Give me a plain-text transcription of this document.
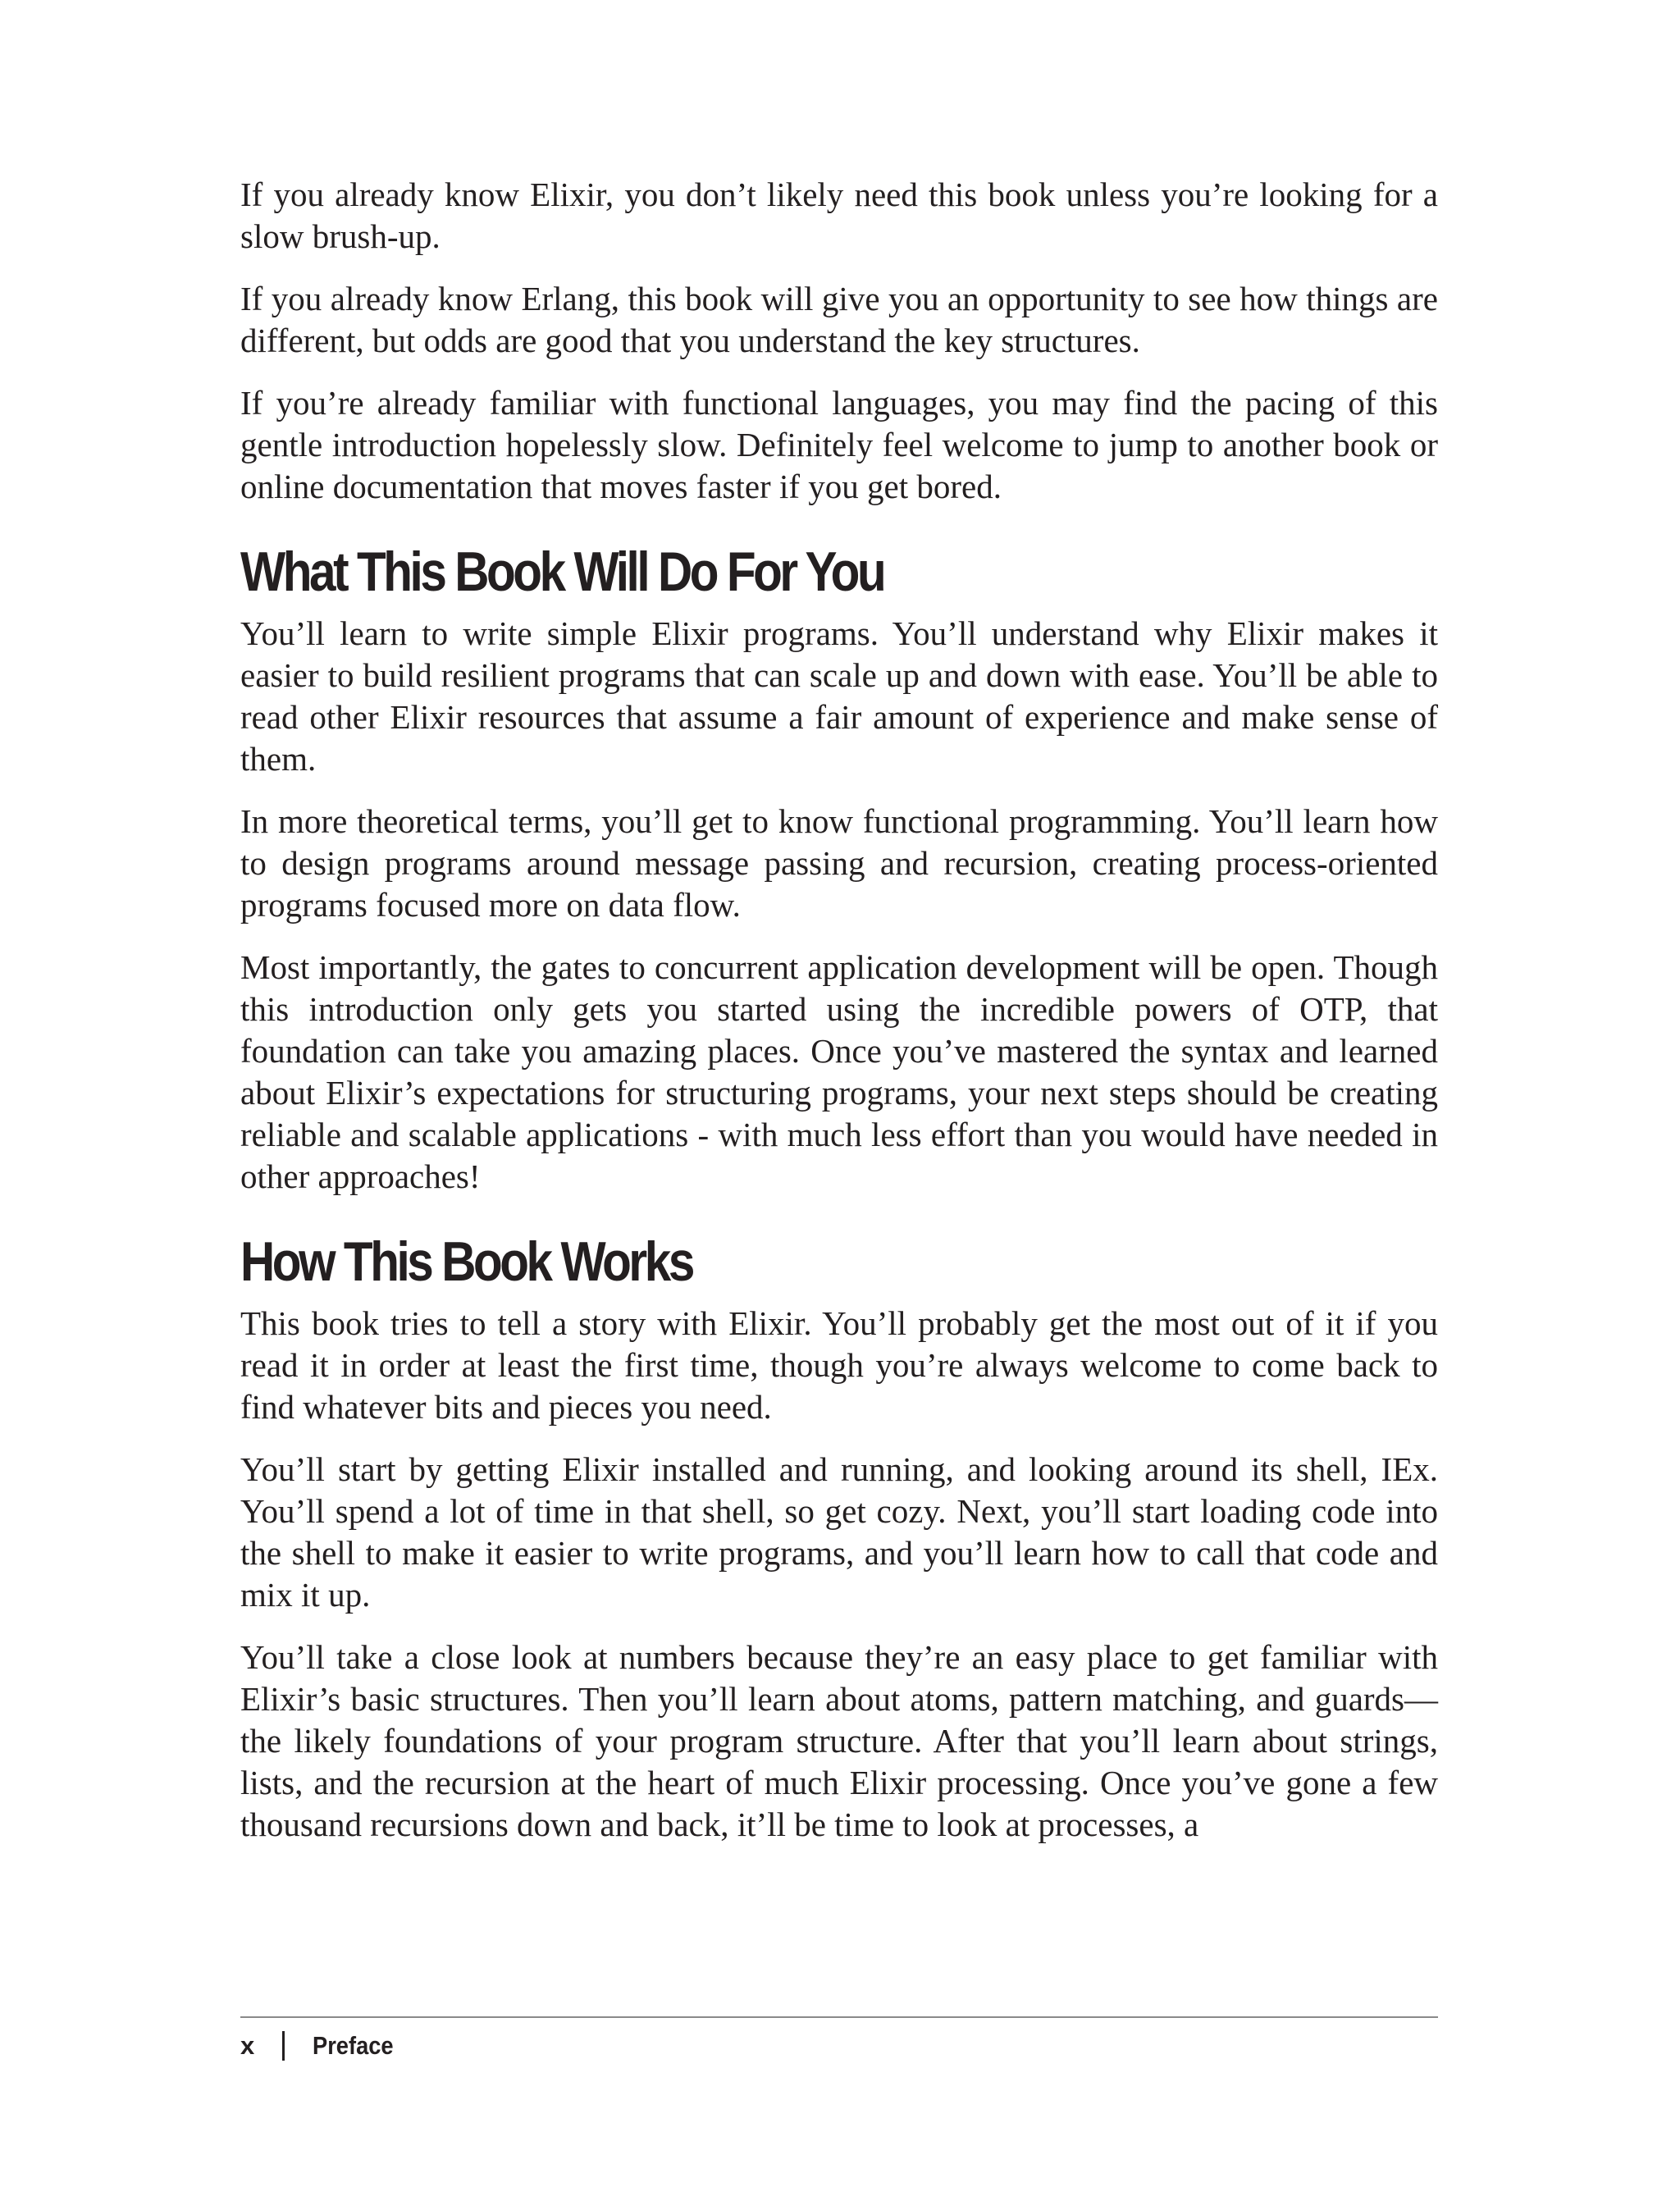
If you already know Elixir, you don’t likely need this book unless you’re looking for a slow brush-up.

If you already know Erlang, this book will give you an opportunity to see how things are different, but odds are good that you understand the key structures.

If you’re already familiar with functional languages, you may find the pacing of this gentle introduction hopelessly slow. Definitely feel welcome to jump to another book or online documentation that moves faster if you get bored.

What This Book Will Do For You

You’ll learn to write simple Elixir programs. You’ll understand why Elixir makes it easier to build resilient programs that can scale up and down with ease. You’ll be able to read other Elixir resources that assume a fair amount of experience and make sense of them.

In more theoretical terms, you’ll get to know functional programming. You’ll learn how to design programs around message passing and recursion, creating process-oriented programs focused more on data flow.

Most importantly, the gates to concurrent application development will be open. Though this introduction only gets you started using the incredible powers of OTP, that foundation can take you amazing places. Once you’ve mastered the syntax and learned about Elixir’s expectations for structuring programs, your next steps should be creating reliable and scalable applications - with much less effort than you would have needed in other approaches!

How This Book Works

This book tries to tell a story with Elixir. You’ll probably get the most out of it if you read it in order at least the first time, though you’re always welcome to come back to find whatever bits and pieces you need.

You’ll start by getting Elixir installed and running, and looking around its shell, IEx. You’ll spend a lot of time in that shell, so get cozy. Next, you’ll start loading code into the shell to make it easier to write programs, and you’ll learn how to call that code and mix it up.

You’ll take a close look at numbers because they’re an easy place to get familiar with Elixir’s basic structures. Then you’ll learn about atoms, pattern matching, and guards—the likely foundations of your program structure. After that you’ll learn about strings, lists, and the recursion at the heart of much Elixir processing. Once you’ve gone a few thousand recursions down and back, it’ll be time to look at processes, a

x Preface
